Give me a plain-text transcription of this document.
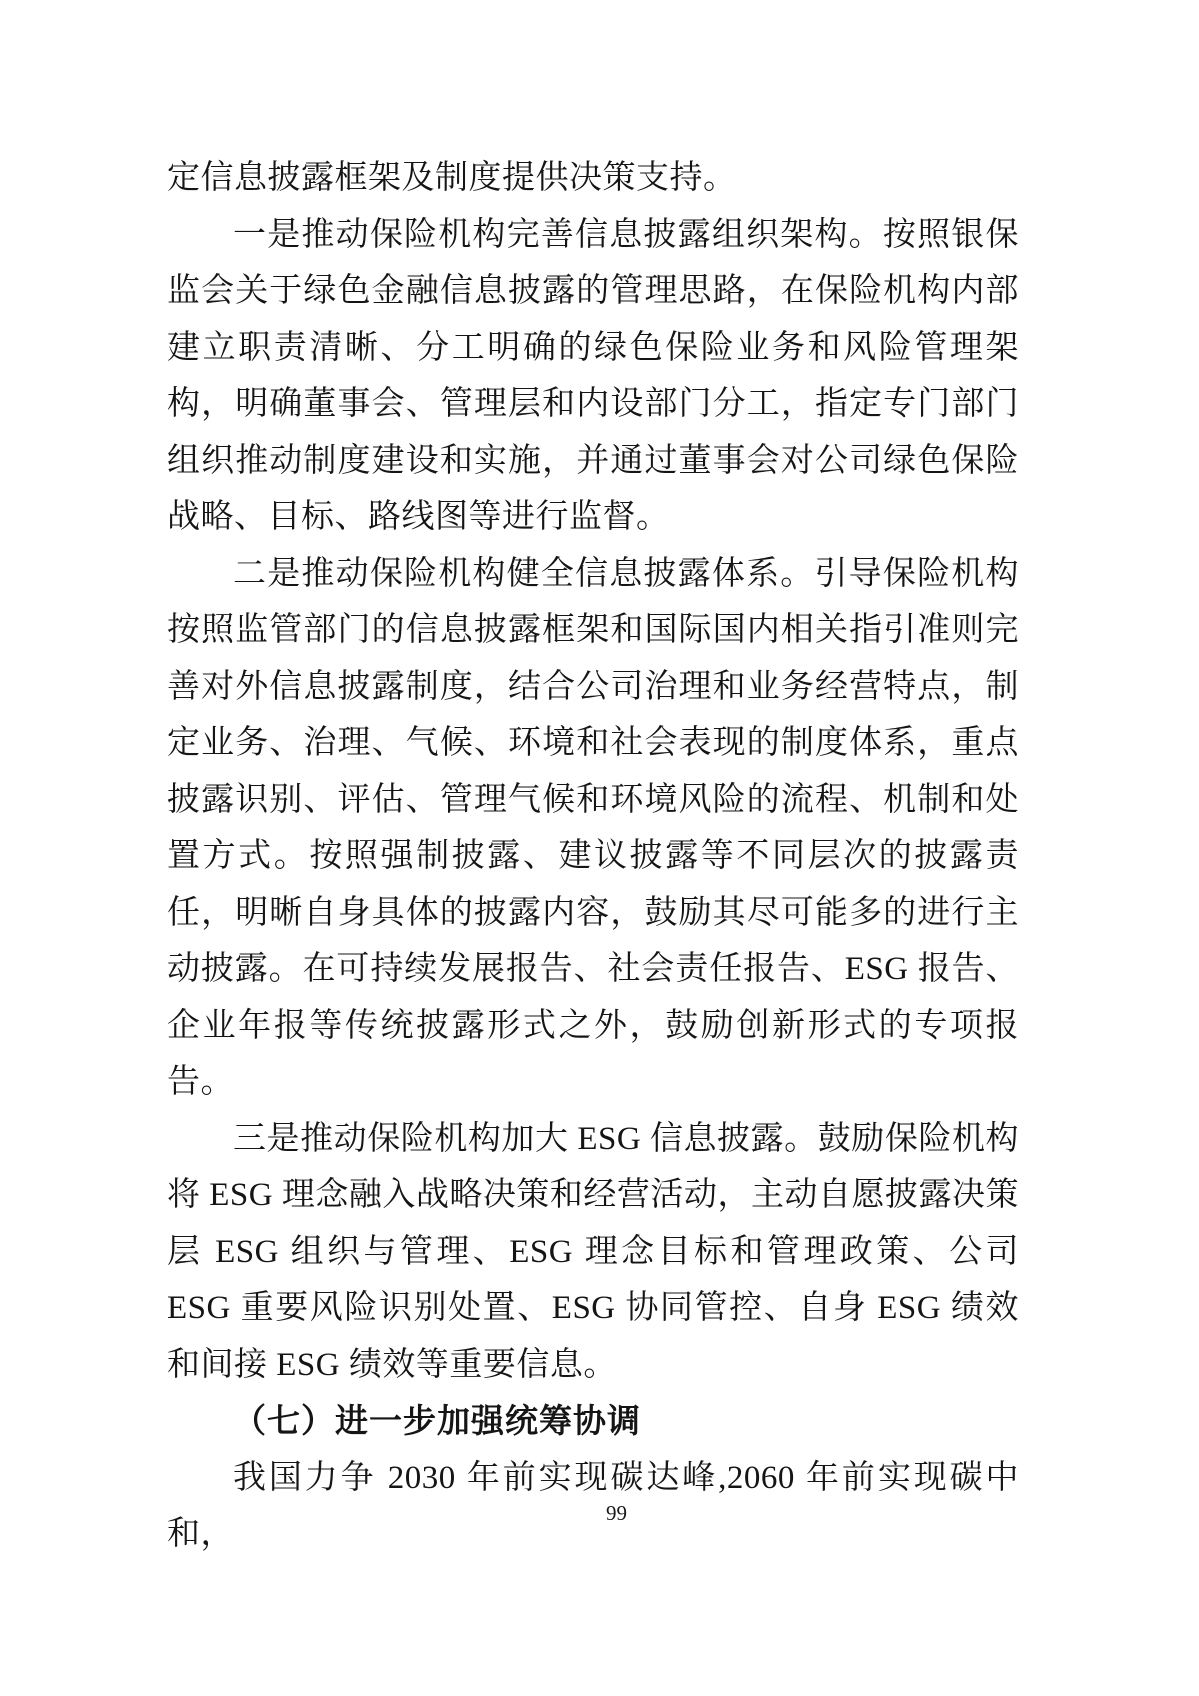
定信息披露框架及制度提供决策支持。

一是推动保险机构完善信息披露组织架构。按照银保监会关于绿色金融信息披露的管理思路，在保险机构内部建立职责清晰、分工明确的绿色保险业务和风险管理架构，明确董事会、管理层和内设部门分工，指定专门部门组织推动制度建设和实施，并通过董事会对公司绿色保险战略、目标、路线图等进行监督。

二是推动保险机构健全信息披露体系。引导保险机构按照监管部门的信息披露框架和国际国内相关指引准则完善对外信息披露制度，结合公司治理和业务经营特点，制定业务、治理、气候、环境和社会表现的制度体系，重点披露识别、评估、管理气候和环境风险的流程、机制和处置方式。按照强制披露、建议披露等不同层次的披露责任，明晰自身具体的披露内容，鼓励其尽可能多的进行主动披露。在可持续发展报告、社会责任报告、ESG 报告、企业年报等传统披露形式之外，鼓励创新形式的专项报告。

三是推动保险机构加大 ESG 信息披露。鼓励保险机构将 ESG 理念融入战略决策和经营活动，主动自愿披露决策层 ESG 组织与管理、ESG 理念目标和管理政策、公司 ESG 重要风险识别处置、ESG 协同管控、自身 ESG 绩效和间接 ESG 绩效等重要信息。

（七）进一步加强统筹协调

我国力争 2030 年前实现碳达峰,2060 年前实现碳中和，

99
